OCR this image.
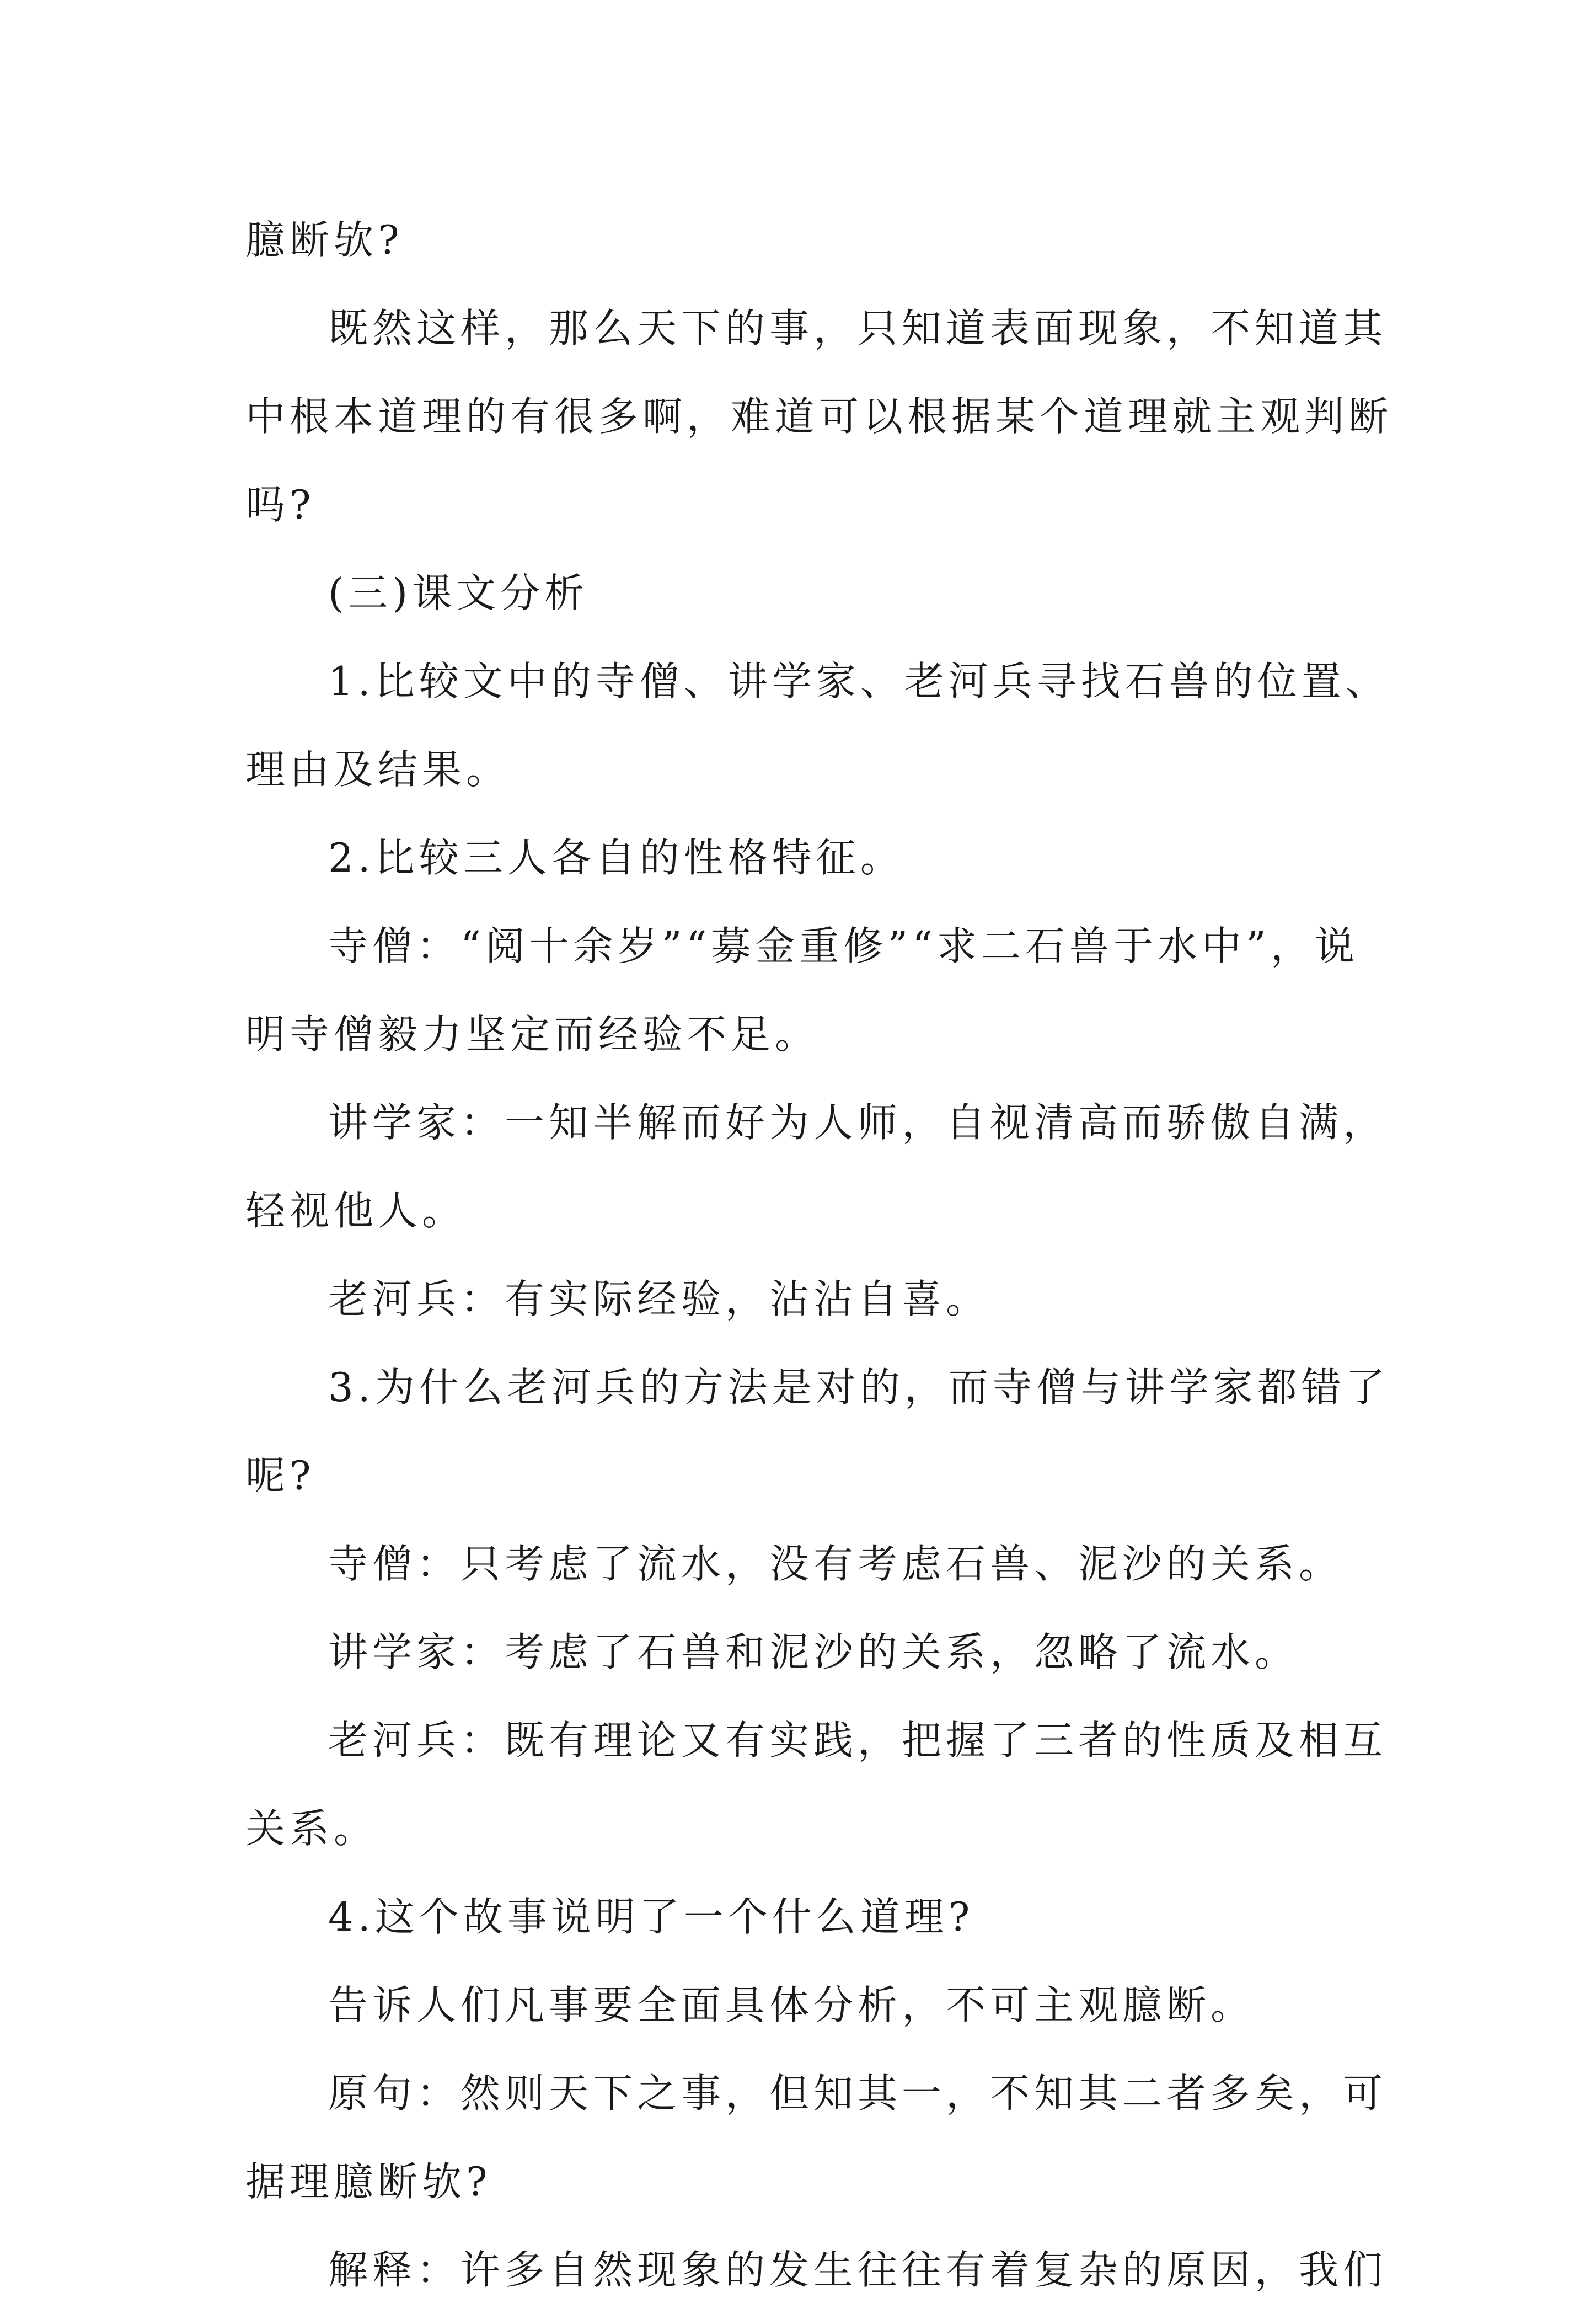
臆断欤?
既然这样，那么天下的事，只知道表面现象，不知道其
中根本道理的有很多啊，难道可以根据某个道理就主观判断
吗?
(三)课文分析
1.比较文中的寺僧、讲学家、老河兵寻找石兽的位置、
理由及结果。
2.比较三人各自的性格特征。
寺僧：“阅十余岁”“募金重修”“求二石兽于水中”，说
明寺僧毅力坚定而经验不足。
讲学家：一知半解而好为人师，自视清高而骄傲自满，
轻视他人。
老河兵：有实际经验，沾沾自喜。
3.为什么老河兵的方法是对的，而寺僧与讲学家都错了
呢?
寺僧：只考虑了流水，没有考虑石兽、泥沙的关系。
讲学家：考虑了石兽和泥沙的关系，忽略了流水。
老河兵：既有理论又有实践，把握了三者的性质及相互
关系。
4.这个故事说明了一个什么道理?
告诉人们凡事要全面具体分析，不可主观臆断。
原句：然则天下之事，但知其一，不知其二者多矣，可
据理臆断欤?
解释：许多自然现象的发生往往有着复杂的原因，我们
